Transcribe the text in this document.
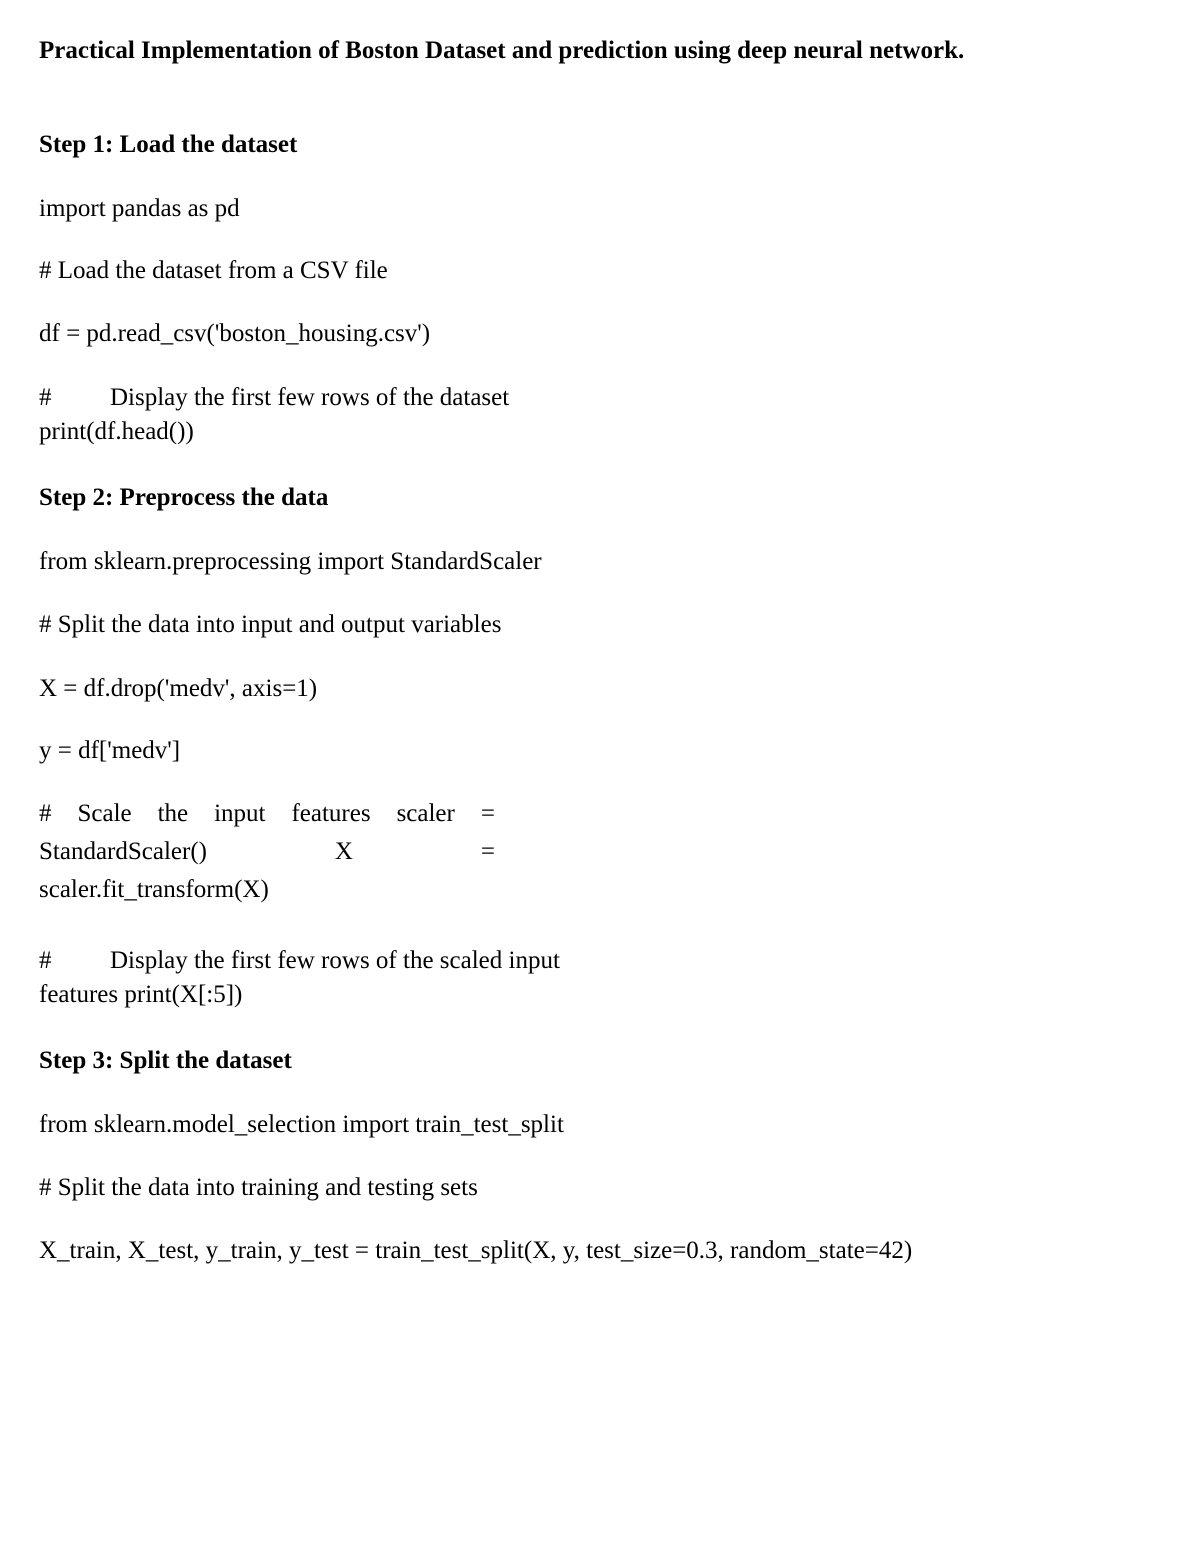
Practical Implementation of Boston Dataset and prediction using deep neural network.
Step 1: Load the dataset
import pandas as pd
# Load the dataset from a CSV file
df = pd.read_csv('boston_housing.csv')
# Display the first few rows of the dataset
print(df.head())
Step 2: Preprocess the data
from sklearn.preprocessing import StandardScaler
# Split the data into input and output variables
X = df.drop('medv', axis=1)
y = df['medv']
# Scale the input features scaler =
StandardScaler()	X	=
scaler.fit_transform(X)
# Display the first few rows of the scaled input
features print(X[:5])
Step 3: Split the dataset
from sklearn.model_selection import train_test_split
# Split the data into training and testing sets
X_train, X_test, y_train, y_test = train_test_split(X, y, test_size=0.3, random_state=42)
